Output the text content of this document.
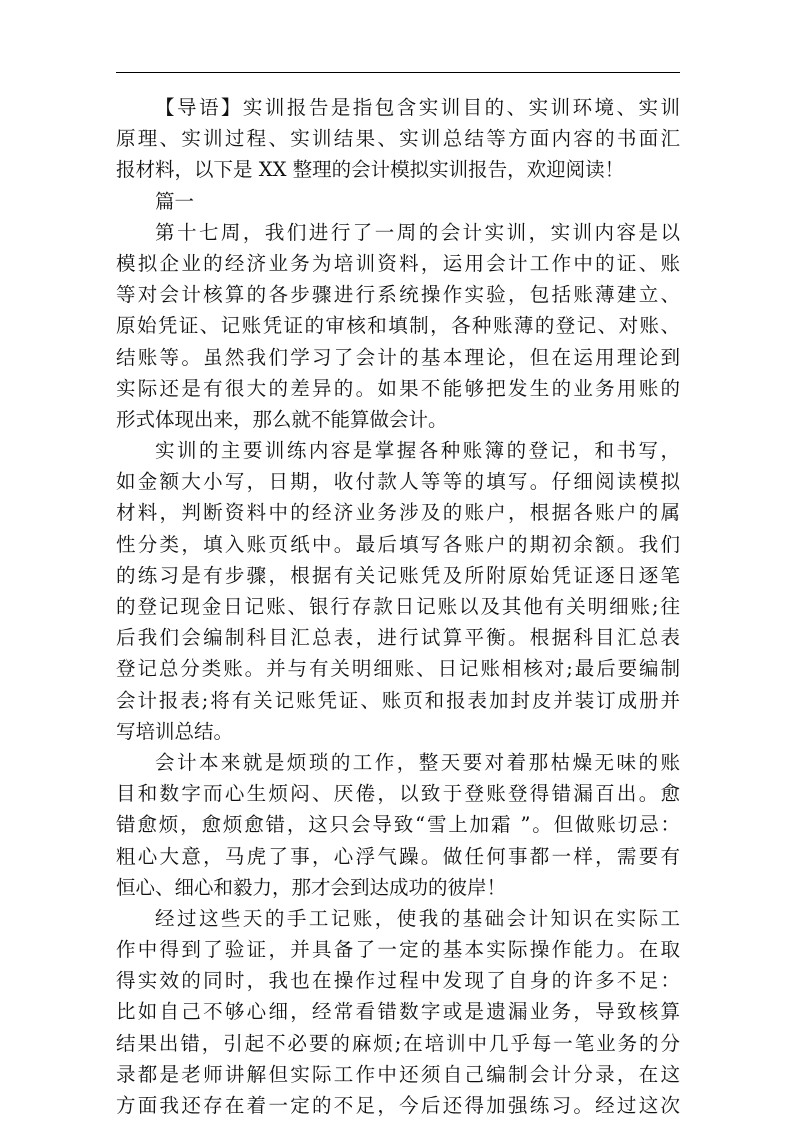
【导语】实训报告是指包含实训目的、实训环境、实训
原理、实训过程、实训结果、实训总结等方面内容的书面汇
报材料，以下是 XX 整理的会计模拟实训报告，欢迎阅读！
篇一
第十七周，我们进行了一周的会计实训，实训内容是以
模拟企业的经济业务为培训资料，运用会计工作中的证、账
等对会计核算的各步骤进行系统操作实验，包括账薄建立、
原始凭证、记账凭证的审核和填制，各种账薄的登记、对账、
结账等。虽然我们学习了会计的基本理论，但在运用理论到
实际还是有很大的差异的。如果不能够把发生的业务用账的
形式体现出来，那么就不能算做会计。
实训的主要训练内容是掌握各种账簿的登记，和书写，
如金额大小写，日期，收付款人等等的填写。仔细阅读模拟
材料，判断资料中的经济业务涉及的账户，根据各账户的属
性分类，填入账页纸中。最后填写各账户的期初余额。我们
的练习是有步骤，根据有关记账凭及所附原始凭证逐日逐笔
的登记现金日记账、银行存款日记账以及其他有关明细账;往
后我们会编制科目汇总表，进行试算平衡。根据科目汇总表
登记总分类账。并与有关明细账、日记账相核对;最后要编制
会计报表;将有关记账凭证、账页和报表加封皮并装订成册并
写培训总结。
会计本来就是烦琐的工作，整天要对着那枯燥无味的账
目和数字而心生烦闷、厌倦，以致于登账登得错漏百出。愈
错愈烦，愈烦愈错，这只会导致“雪上加霜 ”。但做账切忌：
粗心大意，马虎了事，心浮气躁。做任何事都一样，需要有
恒心、细心和毅力，那才会到达成功的彼岸！
经过这些天的手工记账，使我的基础会计知识在实际工
作中得到了验证，并具备了一定的基本实际操作能力。在取
得实效的同时，我也在操作过程中发现了自身的许多不足：
比如自己不够心细，经常看错数字或是遗漏业务，导致核算
结果出错，引起不必要的麻烦;在培训中几乎每一笔业务的分
录都是老师讲解但实际工作中还须自己编制会计分录，在这
方面我还存在着一定的不足，今后还得加强练习。经过这次
